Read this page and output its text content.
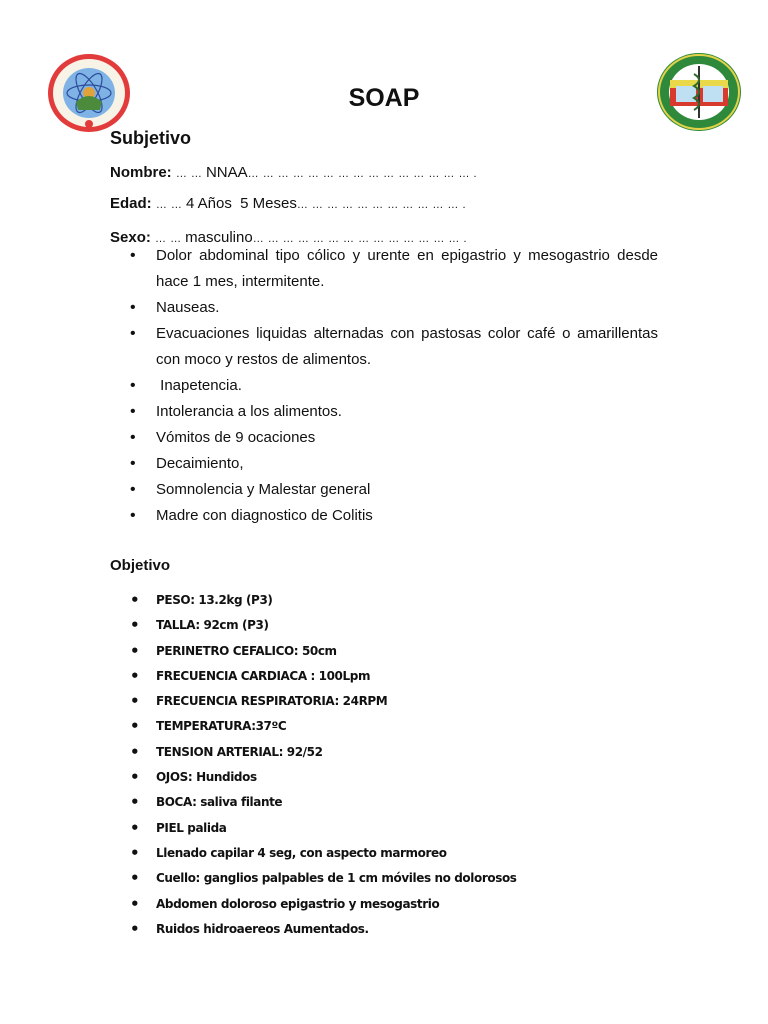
SOAP
Subjetivo
Nombre: … … NNAA… … … … … … … … … … … … … … … .
Edad: … … 4 Años  5 Meses… … … … … … … … … … … .
Sexo: … … masculino… … … … … … … … … … … … … … .
• Dolor abdominal tipo cólico y urente en epigastrio y mesogastrio desde hace 1 mes, intermitente.
• Nauseas.
• Evacuaciones liquidas alternadas con pastosas color café o amarillentas con moco y restos de alimentos.
•  Inapetencia.
• Intolerancia a los alimentos.
• Vómitos de 9 ocaciones
• Decaimiento,
• Somnolencia y Malestar general
• Madre con diagnostico de Colitis
Objetivo
• PESO: 13.2kg (P3)
• TALLA: 92cm (P3)
• PERINETRO CEFALICO: 50cm
• FRECUENCIA CARDIACA : 100Lpm
• FRECUENCIA RESPIRATORIA: 24RPM
• TEMPERATURA:37ºC
• TENSION ARTERIAL: 92/52
• OJOS: Hundidos
• BOCA: saliva filante
• PIEL palida
• Llenado capilar 4 seg, con aspecto marmoreo
• Cuello: ganglios palpables de 1 cm móviles no dolorosos
• Abdomen doloroso epigastrio y mesogastrio
• Ruidos hidroaereos Aumentados.
